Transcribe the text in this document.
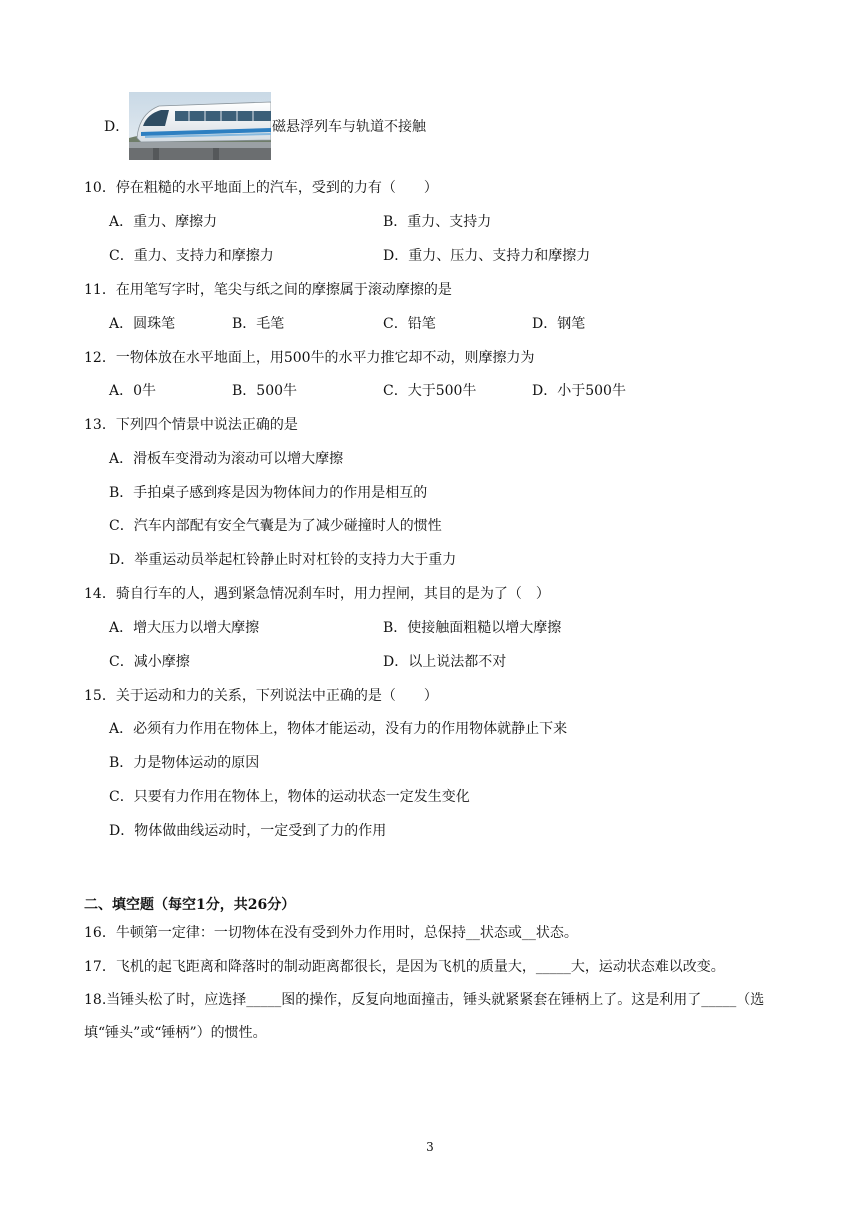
D．	磁悬浮列车与轨道不接触
10．停在粗糙的水平地面上的汽车，受到的力有（　　）
A．重力、摩擦力	B．重力、支持力
C．重力、支持力和摩擦力	D．重力、压力、支持力和摩擦力
11．在用笔写字时，笔尖与纸之间的摩擦属于滚动摩擦的是
A．圆珠笔	B．毛笔	C．铅笔	D．钢笔
12．一物体放在水平地面上，用500牛的水平力推它却不动，则摩擦力为
A．0牛	B．500牛	C．大于500牛	D．小于500牛
13．下列四个情景中说法正确的是
A．滑板车变滑动为滚动可以增大摩擦
B．手拍桌子感到疼是因为物体间力的作用是相互的
C．汽车内部配有安全气囊是为了减少碰撞时人的惯性
D．举重运动员举起杠铃静止时对杠铃的支持力大于重力
14．骑自行车的人，遇到紧急情况刹车时，用力捏闸，其目的是为了（　）
A．增大压力以增大摩擦	B．使接触面粗糙以增大摩擦
C．减小摩擦	D．以上说法都不对
15．关于运动和力的关系，下列说法中正确的是（　　）
A．必须有力作用在物体上，物体才能运动，没有力的作用物体就静止下来
B．力是物体运动的原因
C．只要有力作用在物体上，物体的运动状态一定发生变化
D．物体做曲线运动时，一定受到了力的作用
二、填空题（每空1分，共26分）
16．牛顿第一定律：一切物体在没有受到外力作用时，总保持__状态或__状态。
17．飞机的起飞距离和降落时的制动距离都很长，是因为飞机的质量大，_____大，运动状态难以改变。
18.当锤头松了时，应选择_____图的操作，反复向地面撞击，锤头就紧紧套在锤柄上了。这是利用了_____（选
填“锤头”或“锤柄”）的惯性。
3
